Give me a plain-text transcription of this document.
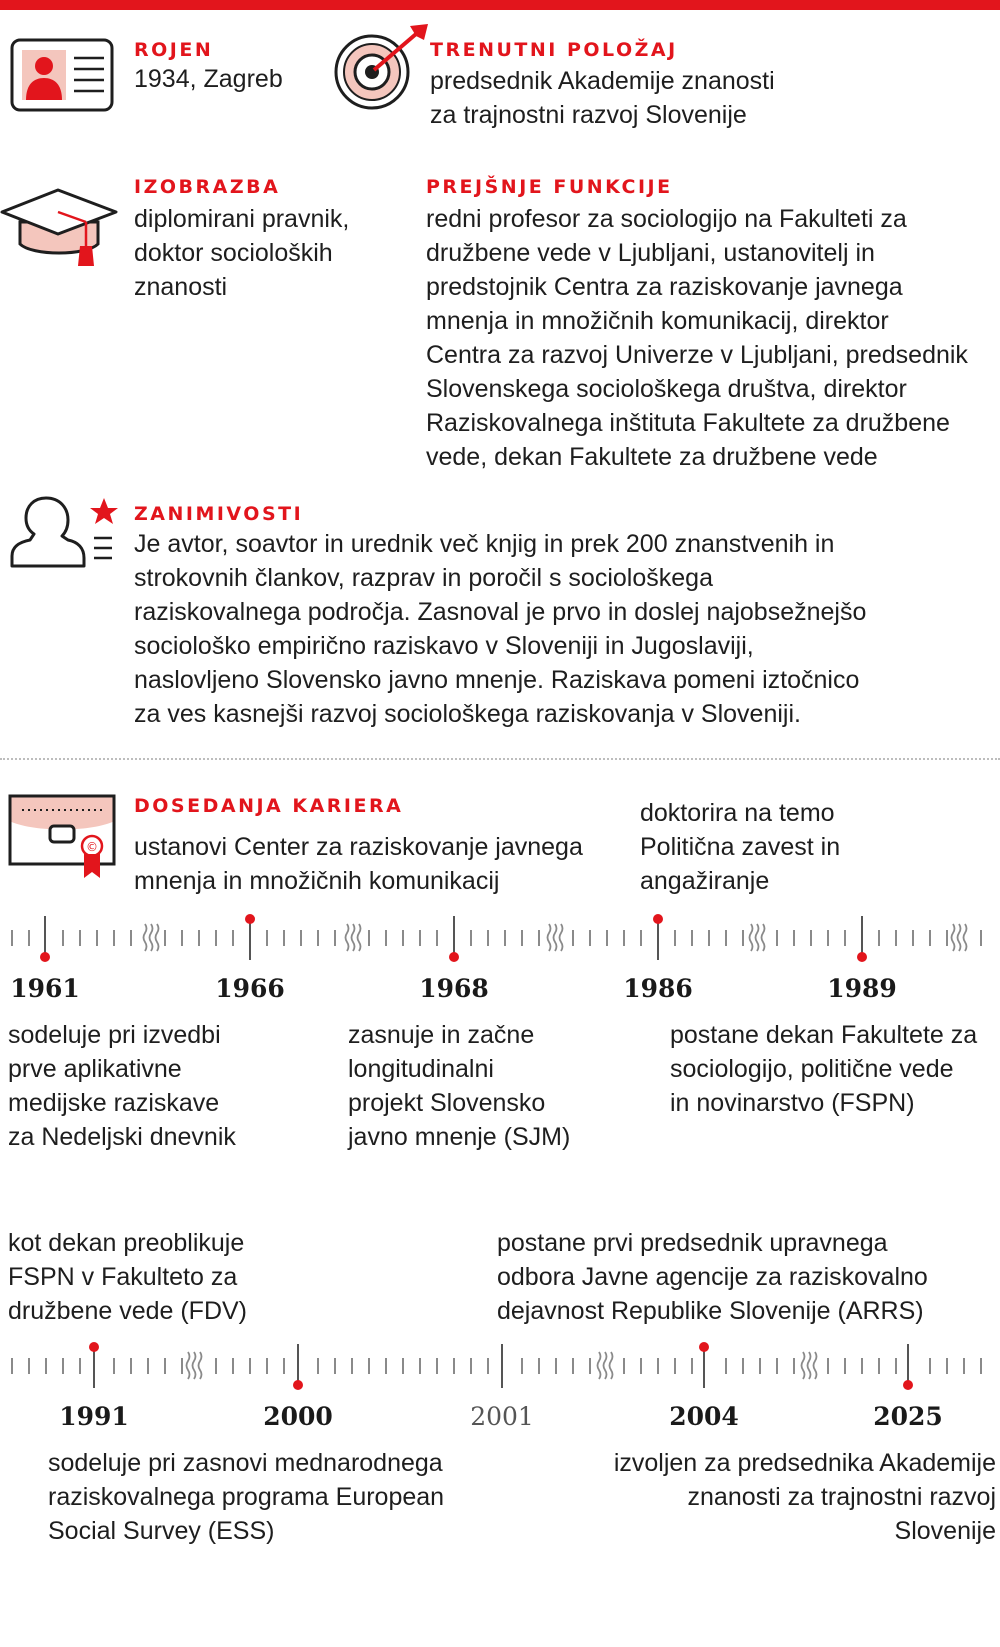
ROJEN
1934, Zagreb
TRENUTNI POLOŽAJ
predsednik Akademije znanosti
za trajnostni razvoj Slovenije
IZOBRAZBA
diplomirani pravnik,
doktor socioloških
znanosti
PREJŠNJE FUNKCIJE
redni profesor za sociologijo na Fakulteti za
družbene vede v Ljubljani, ustanovitelj in
predstojnik Centra za raziskovanje javnega
mnenja in množičnih komunikacij, direktor
Centra za razvoj Univerze v Ljubljani, predsednik
Slovenskega sociološkega društva, direktor
Raziskovalnega inštituta Fakultete za družbene
vede, dekan Fakultete za družbene vede
ZANIMIVOSTI
Je avtor, soavtor in urednik več knjig in prek 200 znanstvenih in
strokovnih člankov, razprav in poročil s sociološkega
raziskovalnega področja. Zasnoval je prvo in doslej najobsežnejšo
sociološko empirično raziskavo v Sloveniji in Jugoslaviji,
naslovljeno Slovensko javno mnenje. Raziskava pomeni iztočnico
za ves kasnejši razvoj sociološkega raziskovanja v Sloveniji.
©
DOSEDANJA KARIERA
ustanovi Center za raziskovanje javnega
mnenja in množičnih komunikacij
doktorira na temo
Politična zavest in
angažiranje
1961	1966	1968	1986	1989
sodeluje pri izvedbi
prve aplikativne
medijske raziskave
za Nedeljski dnevnik
zasnuje in začne
longitudinalni
projekt Slovensko
javno mnenje (SJM)
postane dekan Fakultete za
sociologijo, politične vede
in novinarstvo (FSPN)
kot dekan preoblikuje
FSPN v Fakulteto za
družbene vede (FDV)
postane prvi predsednik upravnega
odbora Javne agencije za raziskovalno
dejavnost Republike Slovenije (ARRS)
1991	2000	2001	2004	2025
sodeluje pri zasnovi mednarodnega
raziskovalnega programa European
Social Survey (ESS)
izvoljen za predsednika Akademije
znanosti za trajnostni razvoj
Slovenije
